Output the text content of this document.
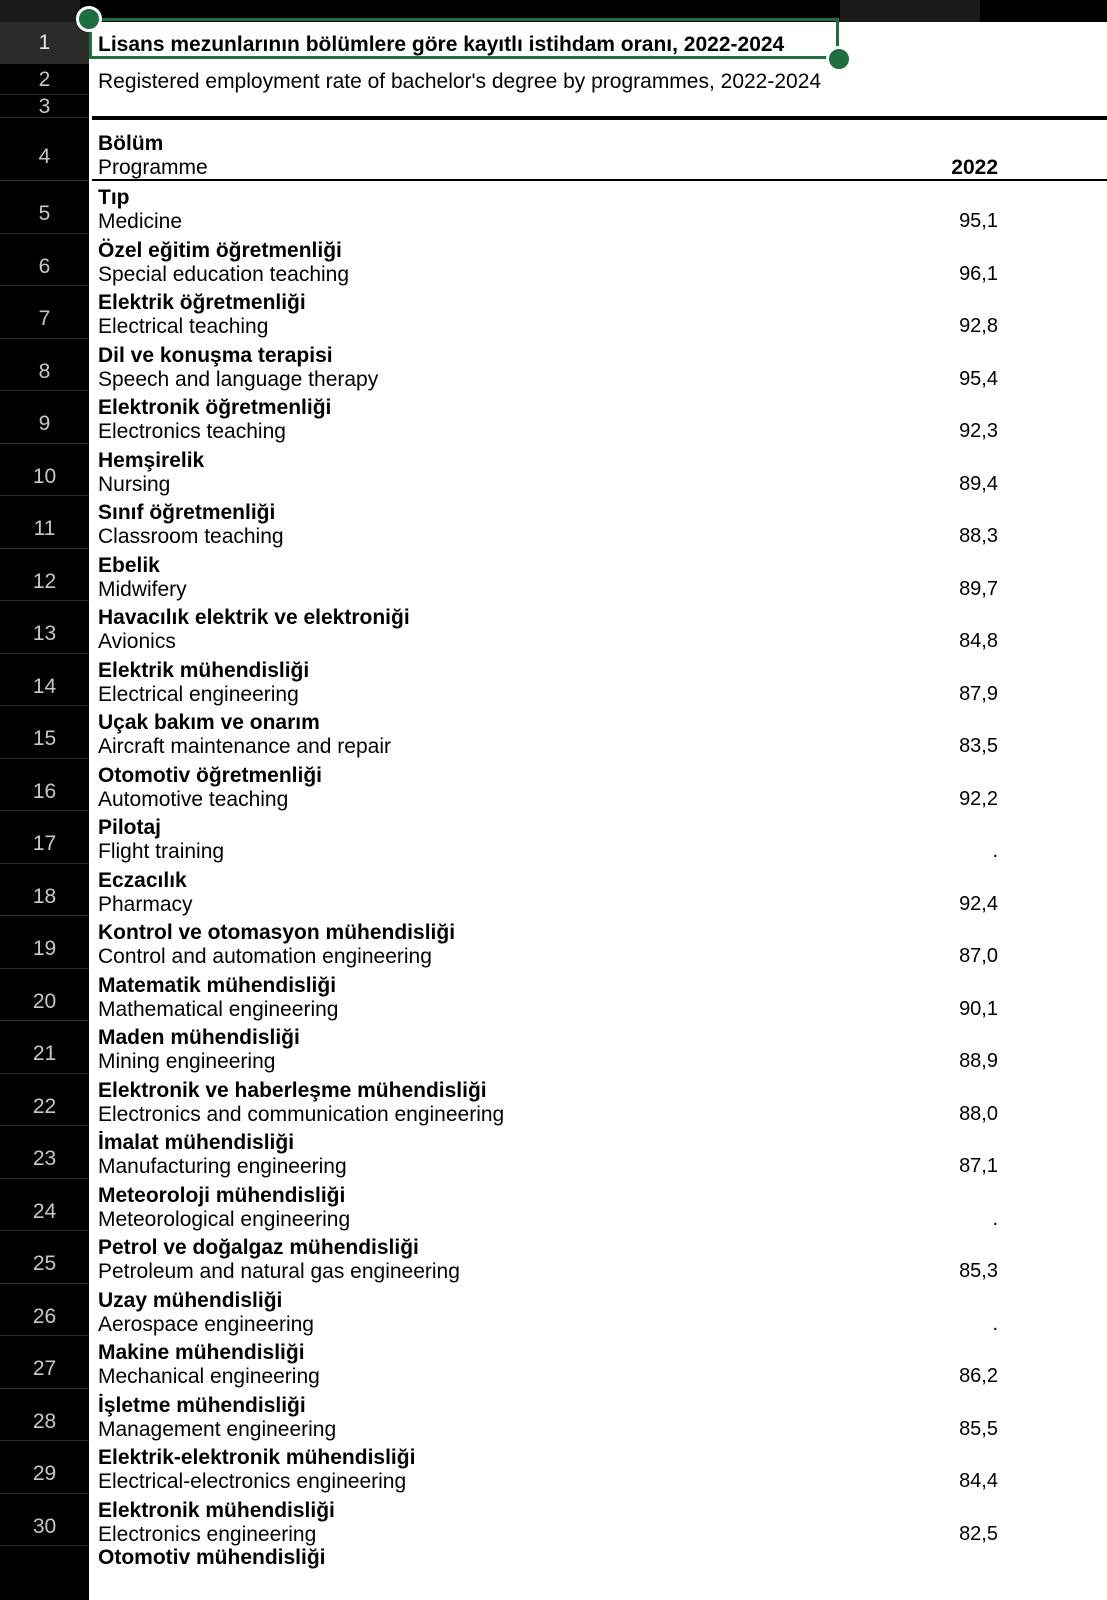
1
2
3
4
5
6
7
8
9
10
11
12
13
14
15
16
17
18
19
20
21
22
23
24
25
26
27
28
29
30
Lisans mezunlarının bölümlere göre kayıtlı istihdam oranı, 2022-2024
Registered employment rate of bachelor's degree by programmes, 2022-2024
Bölüm
Programme	2022
Tıp
Medicine	95,1
Özel eğitim öğretmenliği
Special education teaching	96,1
Elektrik öğretmenliği
Electrical teaching	92,8
Dil ve konuşma terapisi
Speech and language therapy	95,4
Elektronik öğretmenliği
Electronics teaching	92,3
Hemşirelik
Nursing	89,4
Sınıf öğretmenliği
Classroom teaching	88,3
Ebelik
Midwifery	89,7
Havacılık elektrik ve elektroniği
Avionics	84,8
Elektrik mühendisliği
Electrical engineering	87,9
Uçak bakım ve onarım
Aircraft maintenance and repair	83,5
Otomotiv öğretmenliği
Automotive teaching	92,2
Pilotaj
Flight training	.
Eczacılık
Pharmacy	92,4
Kontrol ve otomasyon mühendisliği
Control and automation engineering	87,0
Matematik mühendisliği
Mathematical engineering	90,1
Maden mühendisliği
Mining engineering	88,9
Elektronik ve haberleşme mühendisliği
Electronics and communication engineering	88,0
İmalat mühendisliği
Manufacturing engineering	87,1
Meteoroloji mühendisliği
Meteorological engineering	.
Petrol ve doğalgaz mühendisliği
Petroleum and natural gas engineering	85,3
Uzay mühendisliği
Aerospace engineering	.
Makine mühendisliği
Mechanical engineering	86,2
İşletme mühendisliği
Management engineering	85,5
Elektrik-elektronik mühendisliği
Electrical-electronics engineering	84,4
Elektronik mühendisliği
Electronics engineering	82,5
Otomotiv mühendisliği
